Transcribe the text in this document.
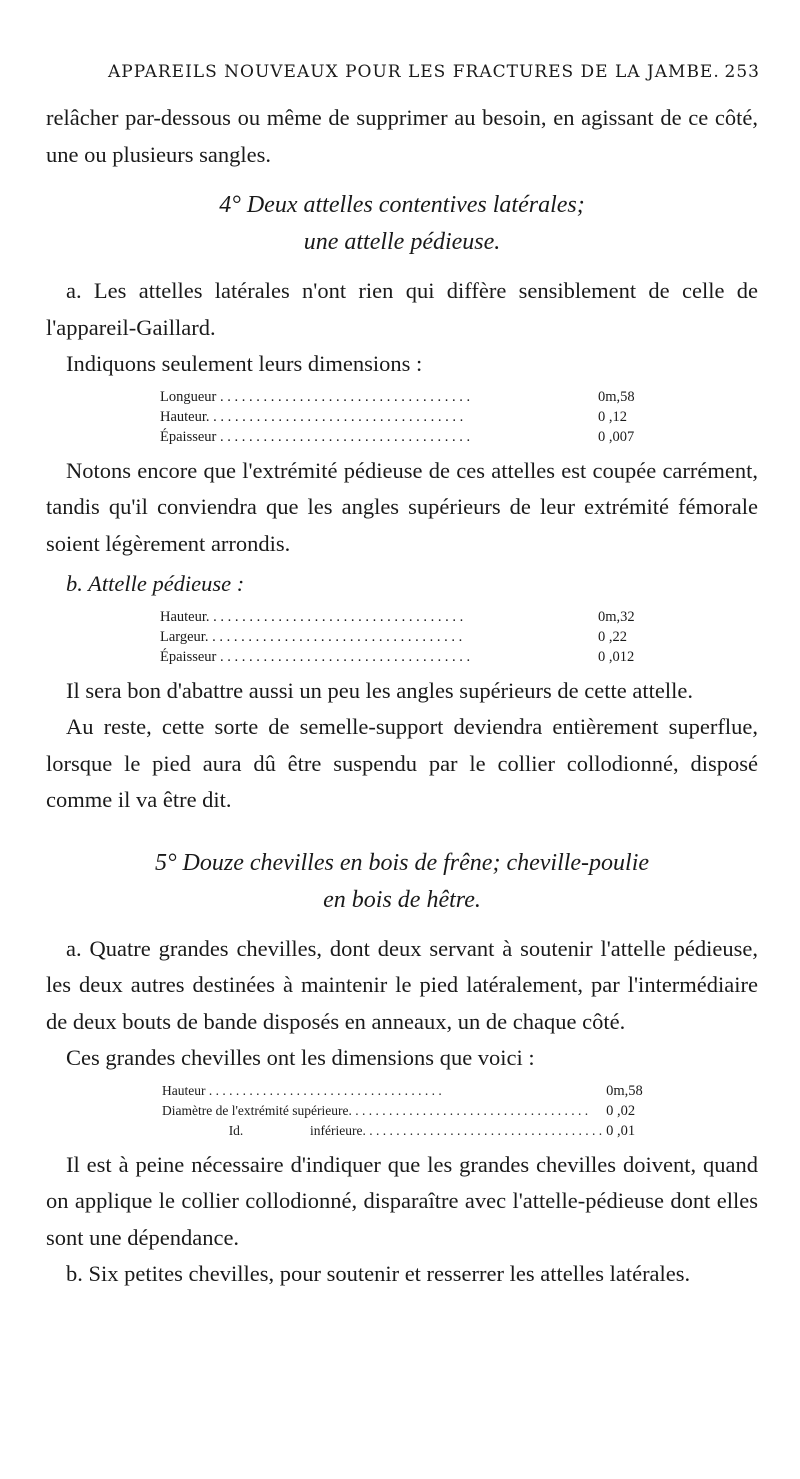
APPAREILS NOUVEAUX POUR LES FRACTURES DE LA JAMBE. 253

relâcher par-dessous ou même de supprimer au besoin, en agissant de ce côté, une ou plusieurs sangles.

4° Deux attelles contentives latérales;
une attelle pédieuse.

a. Les attelles latérales n'ont rien qui diffère sensiblement de celle de l'appareil-Gaillard.

Indiquons seulement leurs dimensions :

Longueur . . .	0m,58
Hauteur. . . .	0 ,12
Épaisseur . . .	0 ,007

Notons encore que l'extrémité pédieuse de ces attelles est coupée carrément, tandis qu'il conviendra que les angles supérieurs de leur extrémité fémorale soient légèrement arrondis.

b. Attelle pédieuse :

Hauteur. . . .	0m,32
Largeur. . . .	0 ,22
Épaisseur . . .	0 ,012

Il sera bon d'abattre aussi un peu les angles supérieurs de cette attelle.

Au reste, cette sorte de semelle-support deviendra entièrement superflue, lorsque le pied aura dû être suspendu par le collier collodionné, disposé comme il va être dit.

5° Douze chevilles en bois de frêne; cheville-poulie
en bois de hêtre.

a. Quatre grandes chevilles, dont deux servant à soutenir l'attelle pédieuse, les deux autres destinées à maintenir le pied latéralement, par l'intermédiaire de deux bouts de bande disposés en anneaux, un de chaque côté.

Ces grandes chevilles ont les dimensions que voici :

Hauteur . . .	0m,58
Diamètre de l'extrémité supérieure. . . .	0 ,02
Id. inférieure. . . .	0 ,01

Il est à peine nécessaire d'indiquer que les grandes chevilles doivent, quand on applique le collier collodionné, disparaître avec l'attelle-pédieuse dont elles sont une dépendance.

b. Six petites chevilles, pour soutenir et resserrer les attelles latérales.
